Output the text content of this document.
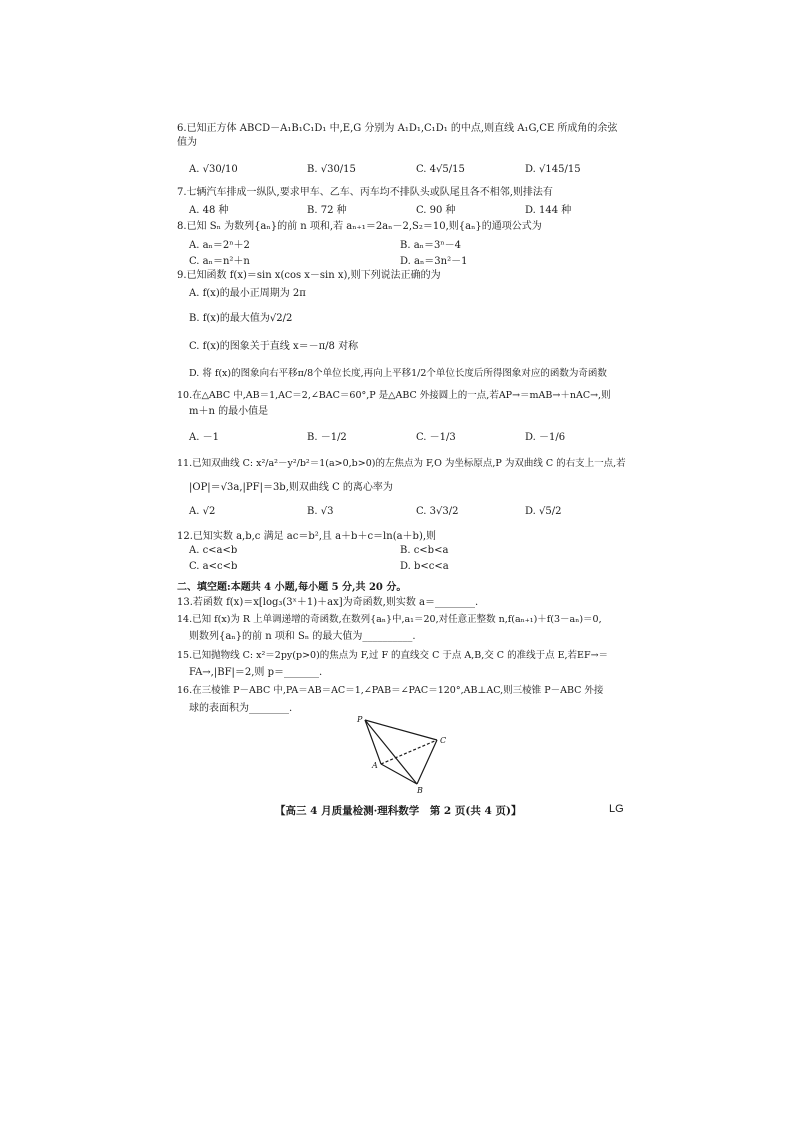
6.已知正方体 ABCD－A₁B₁C₁D₁ 中,E,G 分别为 A₁D₁,C₁D₁ 的中点,则直线 A₁G,CE 所成角的余弦值为
A. √30/10	B. √30/15	C. 4√5/15	D. √145/15
7.七辆汽车排成一纵队,要求甲车、乙车、丙车均不排队头或队尾且各不相邻,则排法有
A. 48 种	B. 72 种	C. 90 种	D. 144 种
8.已知 Sₙ 为数列{aₙ}的前 n 项和,若 aₙ₊₁＝2aₙ－2,S₂＝10,则{aₙ}的通项公式为
A. aₙ＝2ⁿ＋2	B. aₙ＝3ⁿ－4
C. aₙ＝n²＋n	D. aₙ＝3n²－1
9.已知函数 f(x)＝sin x(cos x－sin x),则下列说法正确的为
A. f(x)的最小正周期为 2π
B. f(x)的最大值为√2/2
C. f(x)的图象关于直线 x＝－π/8 对称
D. 将 f(x)的图象向右平移π/8个单位长度,再向上平移1/2个单位长度后所得图象对应的函数为奇函数
10.在△ABC 中,AB＝1,AC＝2,∠BAC＝60°,P 是△ABC 外接圆上的一点,若AP→＝mAB→＋nAC→,则
m＋n 的最小值是
A. －1	B. －1/2	C. －1/3	D. －1/6
11.已知双曲线 C: x²/a²－y²/b²＝1(a>0,b>0)的左焦点为 F,O 为坐标原点,P 为双曲线 C 的右支上一点,若
|OP|＝√3a,|PF|＝3b,则双曲线 C 的离心率为
A. √2	B. √3	C. 3√3/2	D. √5/2
12.已知实数 a,b,c 满足 ac＝b²,且 a＋b＋c＝ln(a＋b),则
A. c<a<b	B. c<b<a
C. a<c<b	D. b<c<a
二、填空题:本题共 4 小题,每小题 5 分,共 20 分。
13.若函数 f(x)＝x[log₃(3ˣ＋1)＋ax]为奇函数,则实数 a＝________.
14.已知 f(x)为 R 上单调递增的奇函数,在数列{aₙ}中,a₁＝20,对任意正整数 n,f(aₙ₊₁)＋f(3－aₙ)＝0,
则数列{aₙ}的前 n 项和 Sₙ 的最大值为__________.
15.已知抛物线 C: x²＝2py(p>0)的焦点为 F,过 F 的直线交 C 于点 A,B,交 C 的准线于点 E,若EF→＝
FA→,|BF|＝2,则 p＝_______.
16.在三棱锥 P－ABC 中,PA＝AB＝AC＝1,∠PAB＝∠PAC＝120°,AB⊥AC,则三棱锥 P－ABC 外接
球的表面积为________.
P
C
A
B
【高三 4 月质量检测·理科数学　第 2 页(共 4 页)】	LG
